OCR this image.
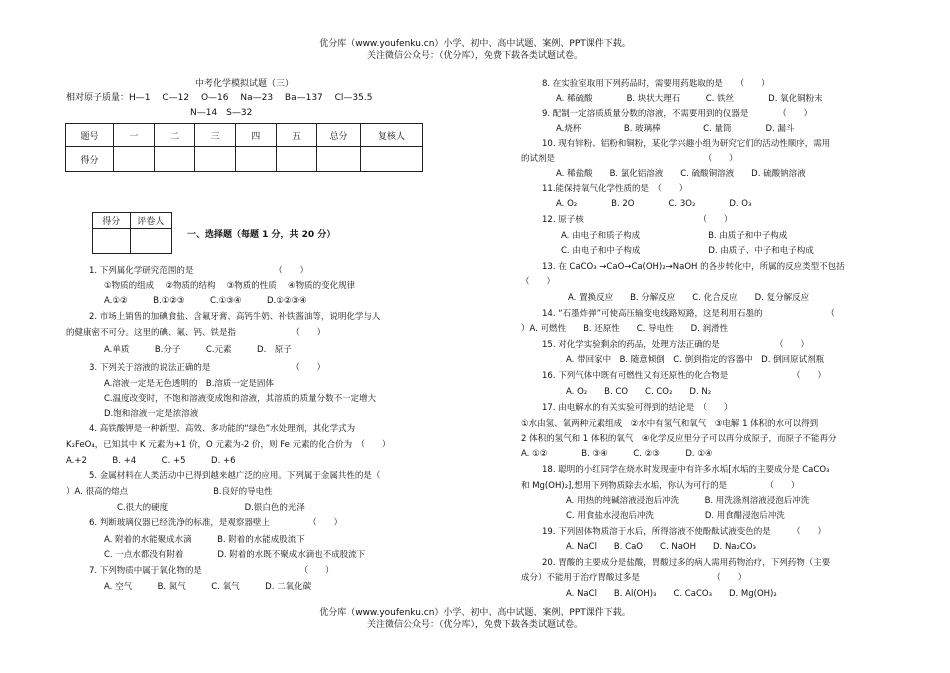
优分库（www.youfenku.cn）小学、初中、高中试题、案例、PPT课件下载。
关注微信公众号：（优分库），免费下载各类试题试卷。
中考化学模拟试题（三）
相对原子质量：H—1　 C—12　 O—16　 Na—23　 Ba—137　 Cl—35.5
N—14　S—32
题号	一	二	三	四	五	总分	复核人
得分							
得分	评卷人

一、选择题（每题 1 分，共 20 分）
1. 下列属化学研究范围的是　　　　　　　　　　（　　）
①物质的组成　 ②物质的结构　 ③物质的性质　 ④物质的变化规律
A.①②　　　B.①②③　　　C.①③④　　　D.①②③④
2. 市场上销售的加碘食盐、含氟牙膏、高钙牛奶、补铁酱油等，说明化学与人
的健康密不可分。这里的碘、氟、钙、铁是指　　　　　　　（　　）
A.单质　　　B.分子　　　C.元素　　　D.　原子
3. 下列关于溶液的说法正确的是　　　　　　　　　　（　　）
A.溶液一定是无色透明的　B.溶质一定是固体
C.温度改变时，不饱和溶液变成饱和溶液，其溶质的质量分数不一定增大
D.饱和溶液一定是浓溶液
4. 高铁酸钾是一种新型、高效、多功能的“绿色”水处理剂，其化学式为
K₂FeO₄，已知其中 K 元素为+1 价，O 元素为-2 价，则 Fe 元素的化合价为　（　　）
A.+2　　　B. +4　　　C. +5　　　D. +6
5. 金属材料在人类活动中已得到越来越广泛的应用。下列属于金属共性的是（
）A. 很高的熔点　　　　　　　　　　B.良好的导电性
C.很大的硬度　　　　　　　　　D.银白色的光泽
6. 判断玻璃仪器已经洗净的标准，是观察器壁上　　　　　（　　）
A. 附着的水能聚成水滴　　　B. 附着的水能成股流下
C. 一点水都没有附着　　　　D. 附着的水既不聚成水滴也不成股流下
7. 下列物质中属于氧化物的是　　　　　　　　　　　　（　　）
A. 空气　　　B. 氮气　　　C. 氧气　　　D. 二氧化碳
8. 在实验室取用下列药品时，需要用药匙取的是　　（　　）
A. 稀硫酸　　　　B. 块状大理石　　　C. 铁丝　　　　D. 氧化铜粉末
9. 配制一定溶质质量分数的溶液，不需要用到的仪器是　　　　（　　）
A.烧杯　　　　　B. 玻璃棒　　　　　C. 量筒　　　　D. 漏斗
10. 现有锌粉、铝粉和铜粉，某化学兴趣小组为研究它们的活动性顺序，需用
的试剂是　　　　　　　　　　　　　　　　　　（　　）
A. 稀盐酸　　B. 氯化铝溶液　　C. 硫酸铜溶液　　D. 硫酸钠溶液
11.能保持氧气化学性质的是　（　　）
A. O₂　　　　B. 2O　　　　C. 3O₂　　　　D. O₃
12. 原子核　　　　　　　　　　　　　　（　　）
A. 由电子和质子构成　　　　　　　　B. 由质子和中子构成
C. 由电子和中子构成　　　　　　　　D. 由质子、中子和电子构成
13. 在 CaCO₃ →CaO→Ca(OH)₂→NaOH 的各步转化中，所属的反应类型不包括
（　　）
A. 置换反应　　B. 分解反应　　C. 化合反应　　D. 复分解反应
14. “石墨炸弹”可使高压输变电线路短路，这是利用石墨的　　　　　　　　（
）A. 可燃性　　B. 还原性　　C. 导电性　　D. 润滑性
15. 对化学实验剩余的药品，处理方法正确的是　　　　　　　（　　）
A. 带回家中　B. 随意倾倒　C. 倒到指定的容器中　D. 倒回原试剂瓶
16. 下列气体中既有可燃性又有还原性的化合物是　　　　　　　　（　　）
A. O₂　　B. CO　　C. CO₂　　D. N₂
17. 由电解水的有关实验可得到的结论是　（　　）
①水由氢、氧两种元素组成　②水中有氢气和氧气　③电解 1 体积的水可以得到
2 体积的氢气和 1 体积的氧气　④化学反应里分子可以再分成原子，而原子不能再分
A. ①②　　　　B. ③④　　　C. ②③　　　D. ①④
18. 聪明的小红同学在烧水时发现壶中有许多水垢[水垢的主要成分是 CaCO₃
和 Mg(OH)₂],想用下列物质除去水垢，你认为可行的是　　　　　（　　）
A. 用热的纯碱溶液浸泡后冲洗　　　B. 用洗涤剂溶液浸泡后冲洗
C. 用食盐水浸泡后冲洗　　　　　　D. 用食醋浸泡后冲洗
19. 下列固体物质溶于水后，所得溶液不使酚酞试液变色的是　　　（　　）
A. NaCl　　B. CaO　　C. NaOH　　D. Na₂CO₃
20. 胃酸的主要成分是盐酸，胃酸过多的病人需用药物治疗，下列药物（主要
成分）不能用于治疗胃酸过多是　　　　　　　　　（　　）
A. NaCl　　B. Al(OH)₃　　C. CaCO₃　　D. Mg(OH)₂
优分库（www.youfenku.cn）小学、初中、高中试题、案例、PPT课件下载。
关注微信公众号：（优分库），免费下载各类试题试卷。
